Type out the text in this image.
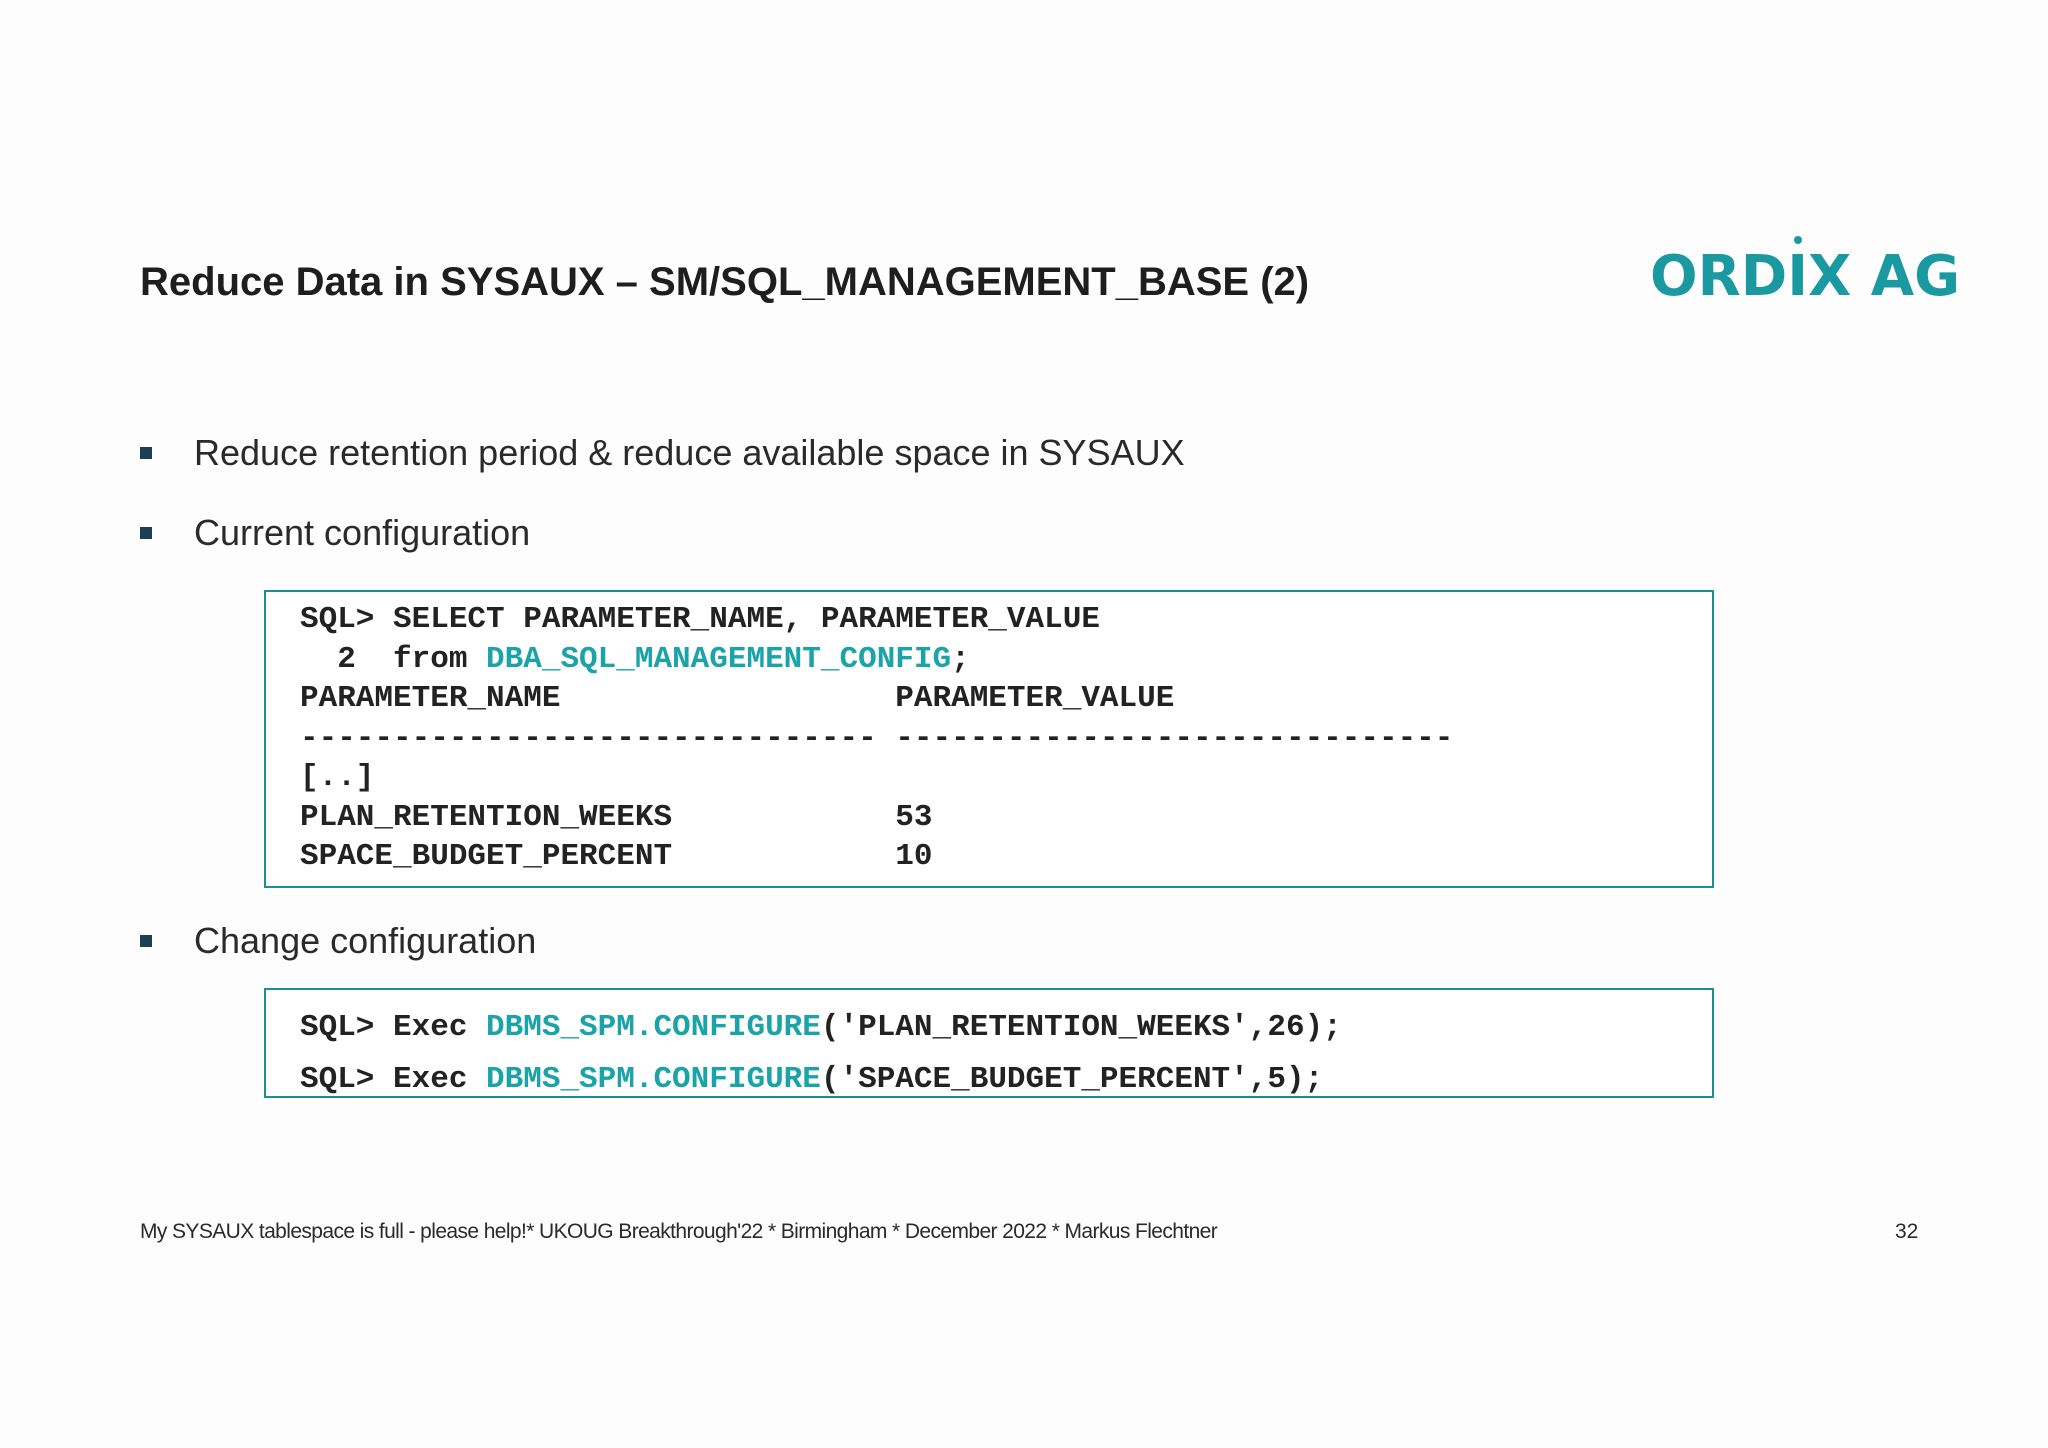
Reduce Data in SYSAUX – SM/SQL_MANAGEMENT_BASE (2)	ORD
IX AG
Reduce retention period & reduce available space in SYSAUX
Current configuration
SQL> SELECT PARAMETER_NAME, PARAMETER_VALUE
2  from DBA_SQL_MANAGEMENT_CONFIG;
PARAMETER_NAME                  PARAMETER_VALUE
------------------------------- ------------------------------
[..]
PLAN_RETENTION_WEEKS            53
SPACE_BUDGET_PERCENT            10
Change configuration
SQL> Exec DBMS_SPM.CONFIGURE('PLAN_RETENTION_WEEKS',26);
SQL> Exec DBMS_SPM.CONFIGURE('SPACE_BUDGET_PERCENT',5);
My SYSAUX tablespace is full - please help!* UKOUG Breakthrough'22 * Birmingham * December 2022 * Markus Flechtner	32
